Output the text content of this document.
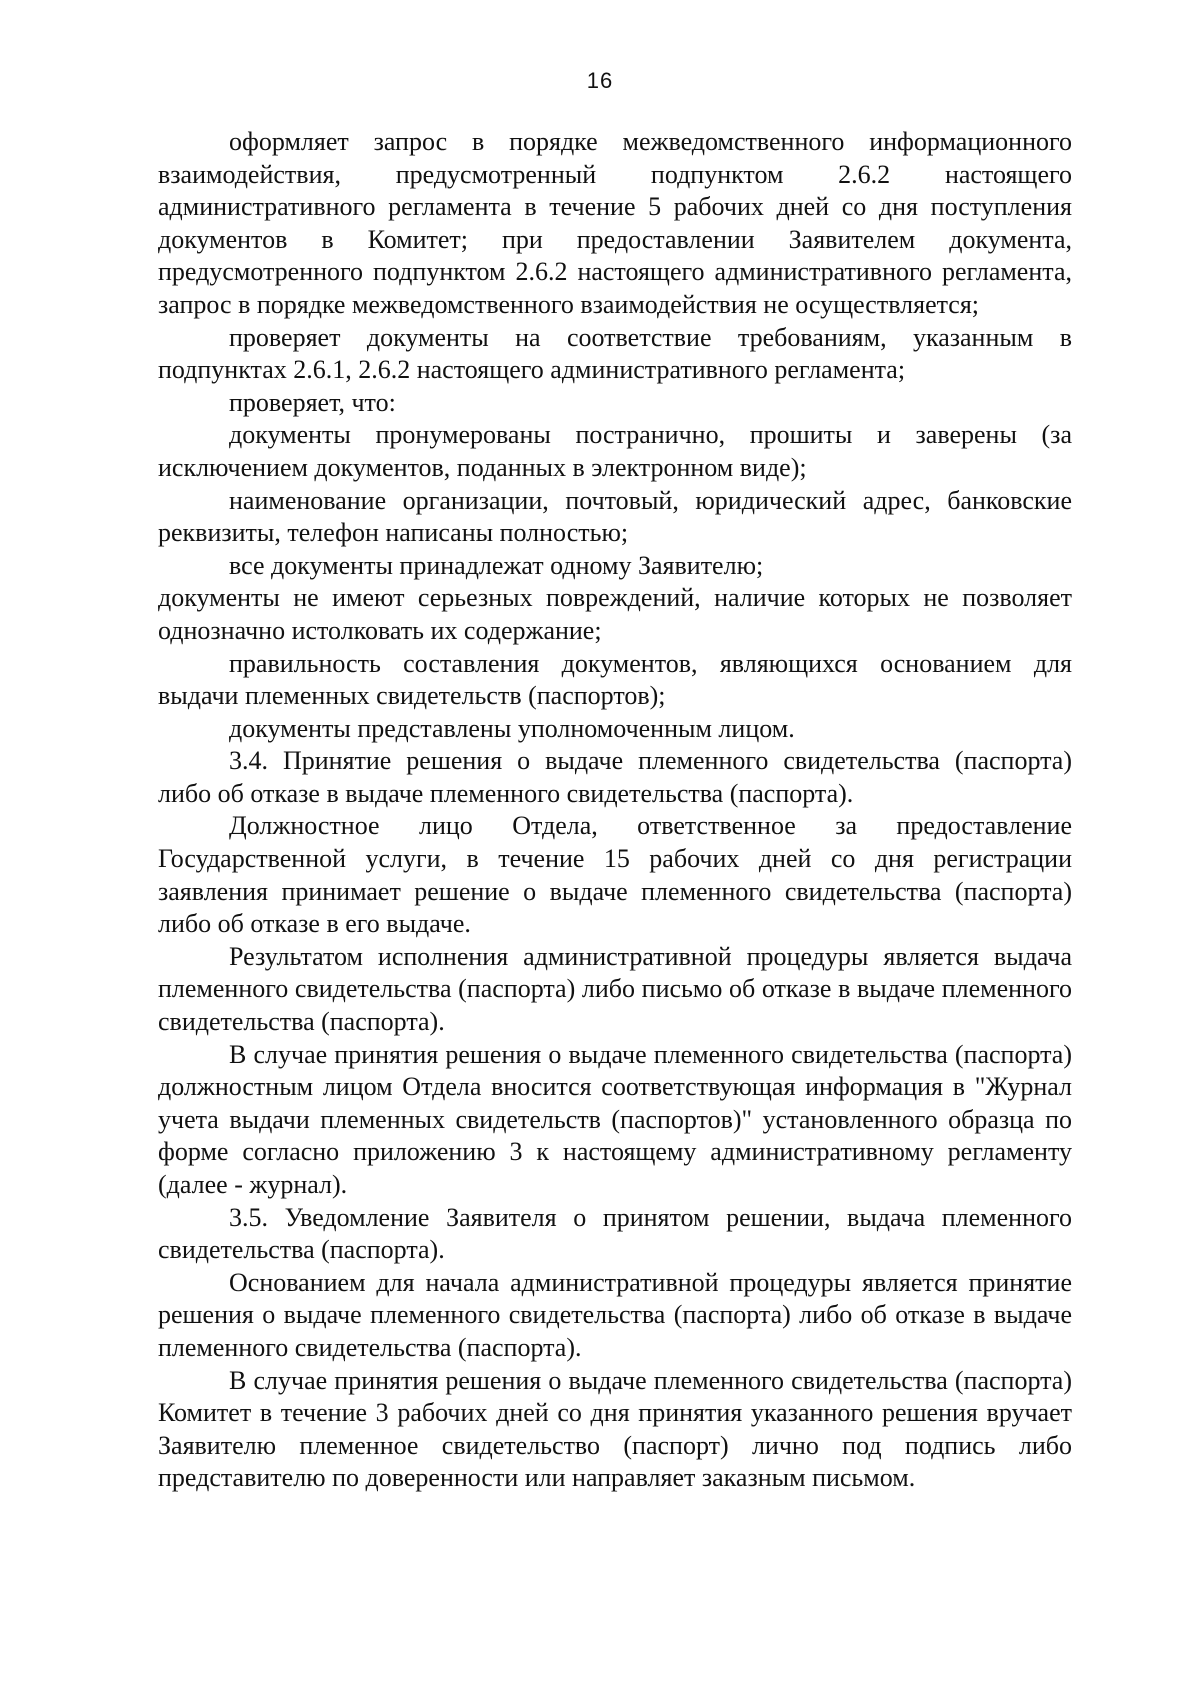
16

оформляет запрос в порядке межведомственного информационного взаимодействия, предусмотренный подпунктом 2.6.2 настоящего административного регламента в течение 5 рабочих дней со дня поступления документов в Комитет; при предоставлении Заявителем документа, предусмотренного подпунктом 2.6.2 настоящего административного регламента, запрос в порядке межведомственного взаимодействия не осуществляется;

проверяет документы на соответствие требованиям, указанным в подпунктах 2.6.1, 2.6.2 настоящего административного регламента;

проверяет, что:

документы пронумерованы постранично, прошиты и заверены (за исключением документов, поданных в электронном виде);

наименование организации, почтовый, юридический адрес, банковские реквизиты, телефон написаны полностью;

все документы принадлежат одному Заявителю;

документы не имеют серьезных повреждений, наличие которых не позволяет однозначно истолковать их содержание;

правильность составления документов, являющихся основанием для выдачи племенных свидетельств (паспортов);

документы представлены уполномоченным лицом.

3.4. Принятие решения о выдаче племенного свидетельства (паспорта) либо об отказе в выдаче племенного свидетельства (паспорта).

Должностное лицо Отдела, ответственное за предоставление Государственной услуги, в течение 15 рабочих дней со дня регистрации заявления принимает решение о выдаче племенного свидетельства (паспорта) либо об отказе в его выдаче.

Результатом исполнения административной процедуры является выдача племенного свидетельства (паспорта) либо письмо об отказе в выдаче племенного свидетельства (паспорта).

В случае принятия решения о выдаче племенного свидетельства (паспорта) должностным лицом Отдела вносится соответствующая информация в "Журнал учета выдачи племенных свидетельств (паспортов)" установленного образца по форме согласно приложению 3 к настоящему административному регламенту (далее - журнал).

3.5. Уведомление Заявителя о принятом решении, выдача племенного свидетельства (паспорта).

Основанием для начала административной процедуры является принятие решения о выдаче племенного свидетельства (паспорта) либо об отказе в выдаче племенного свидетельства (паспорта).

В случае принятия решения о выдаче племенного свидетельства (паспорта) Комитет в течение 3 рабочих дней со дня принятия указанного решения вручает Заявителю племенное свидетельство (паспорт) лично под подпись либо представителю по доверенности или направляет заказным письмом.
